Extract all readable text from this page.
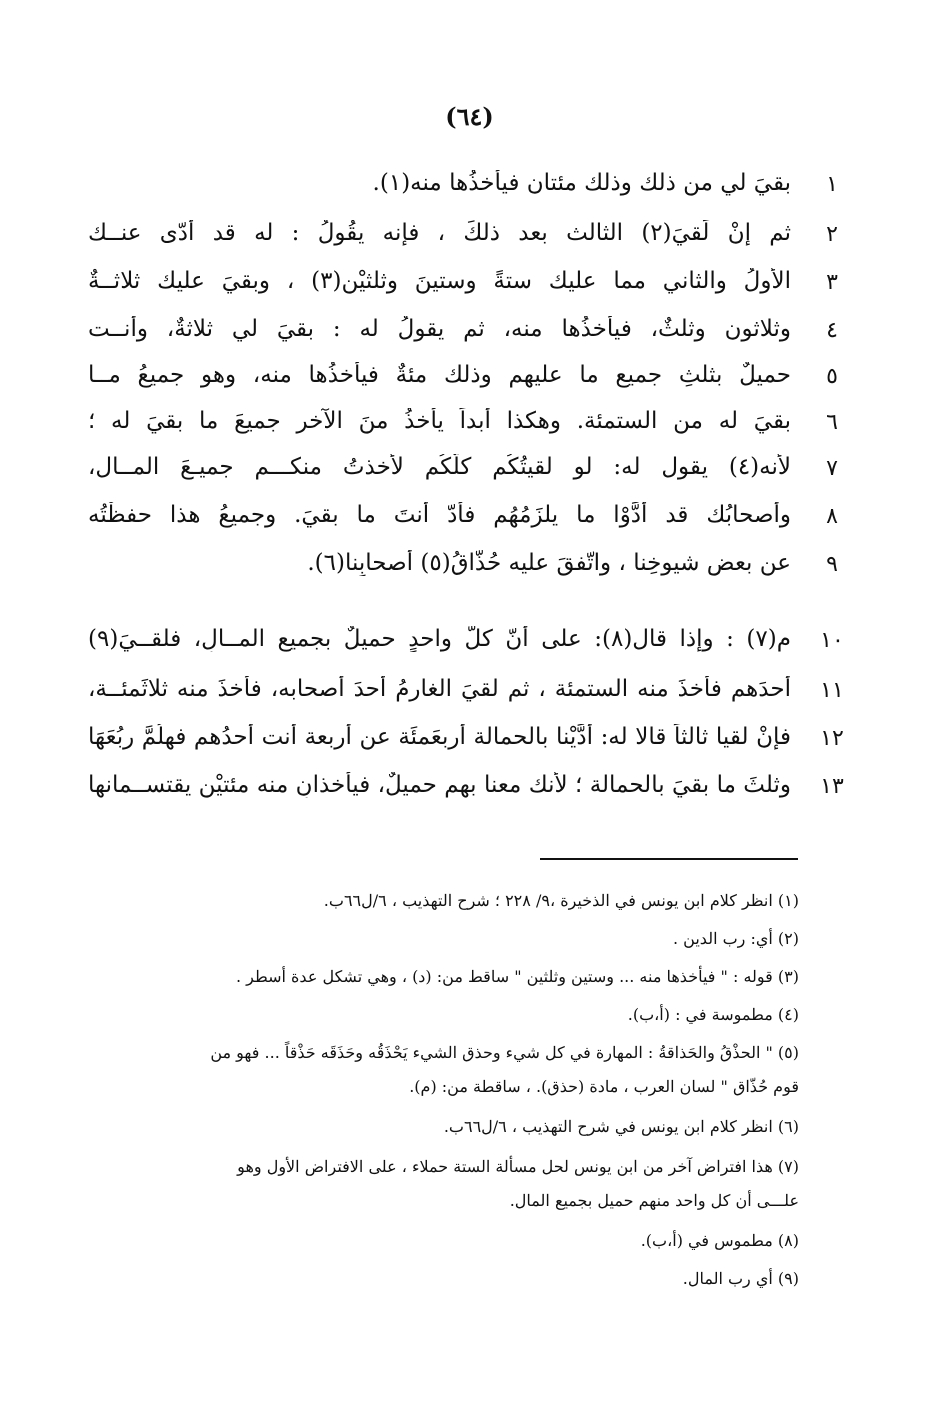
(٦٤)
١
بقيَ لي من ذلك وذلك مئتان فيأخذُها منه(١).
٢
ثم إنْ لَقيَ(٢) الثالث بعد ذلكَ ، فإنه يقُولُ : له قد أدّى عنــك
٣
الأولُ والثاني مما عليك ستةً وستينَ وثلثيْن(٣) ، وبقيَ عليك ثلاثــةٌ
٤
وثلاثون وثلثٌ، فيأخذُها منه، ثم يقولُ له : بقيَ لي ثلاثةٌ، وأنــت
٥
حميلٌ بثلثِ جميع ما عليهم وذلك مئةٌ فيأخذُها منه، وهو جميعُ مــا
٦
بقيَ له من الستمئة. وهكذا أبداً يأخذُ منَ الآخرِ جميعَ ما بقيَ له ؛
٧
لأنه(٤) يقول له: لو لقيتُكُم كلّكُم لأخذتُ منكـــم جميـعَ المــال،
٨
وأصحابُك قد أدَّوْا ما يلزَمُهُم فأدّ أنتَ ما بقيَ. وجميعُ هذا حفظْتُه
٩
عن بعضِ شيوخِنا ، واتّفقَ عليه حُذّاقُ(٥) أصحابِنا(٦).
١٠
م(٧) : وإذا قال(٨): على أنّ كلَّ واحدٍ حميلٌ بجميعِ المــالِ، فلقــيَ(٩)
١١
أحدَهم فأخذَ منه الستمئة ، ثم لقيَ الغارمُ أحدَ أصحابه، فأخذَ منه ثلاثَمئــة،
١٢
فإنْ لقيا ثالثاً قالا له: أدَّيْنا بالحمالة أربعَمئَة عن أربعة أنت أحدُهم فهلُمَّ ربُعَهَا
١٣
وثلثَ ما بقيَ بالحمالة ؛ لأنك معنا بهم حميلٌ، فيأخذانِ منه مئتيْنِ يقتســمانها
(١) انظر كلام ابن يونس في الذخيرة ،٩/ ٢٢٨ ؛ شرح التهذيب ، ٦/ل٦٦ب.
(٢) أي: رب الدين .
(٣) قوله : " فيأخذها منه ... وستين وثلثين " ساقط من: (د) ، وهي تشكل عدة أسطر .
(٤) مطموسة في : (أ،ب).
(٥) " الحذْقُ والحَذاقةُ : المهارة في كل شيء وحذق الشيء يَحْذَقُه وحَذَقَه حَذْقاً ... فهو من قوم حُذّاق " لسان العرب ، مادة (حذق). ، ساقطة من: (م).
(٦) انظر كلام ابن يونس في شرح التهذيب ، ٦/ل٦٦ب.
(٧) هذا افتراض آخر من ابن يونس لحل مسألة الستة حملاء ، على الافتراض الأول وهو علـــى أن كل واحد منهم حميل بجميع المال.
(٨) مطموس في (أ،ب).
(٩) أي رب المال.
